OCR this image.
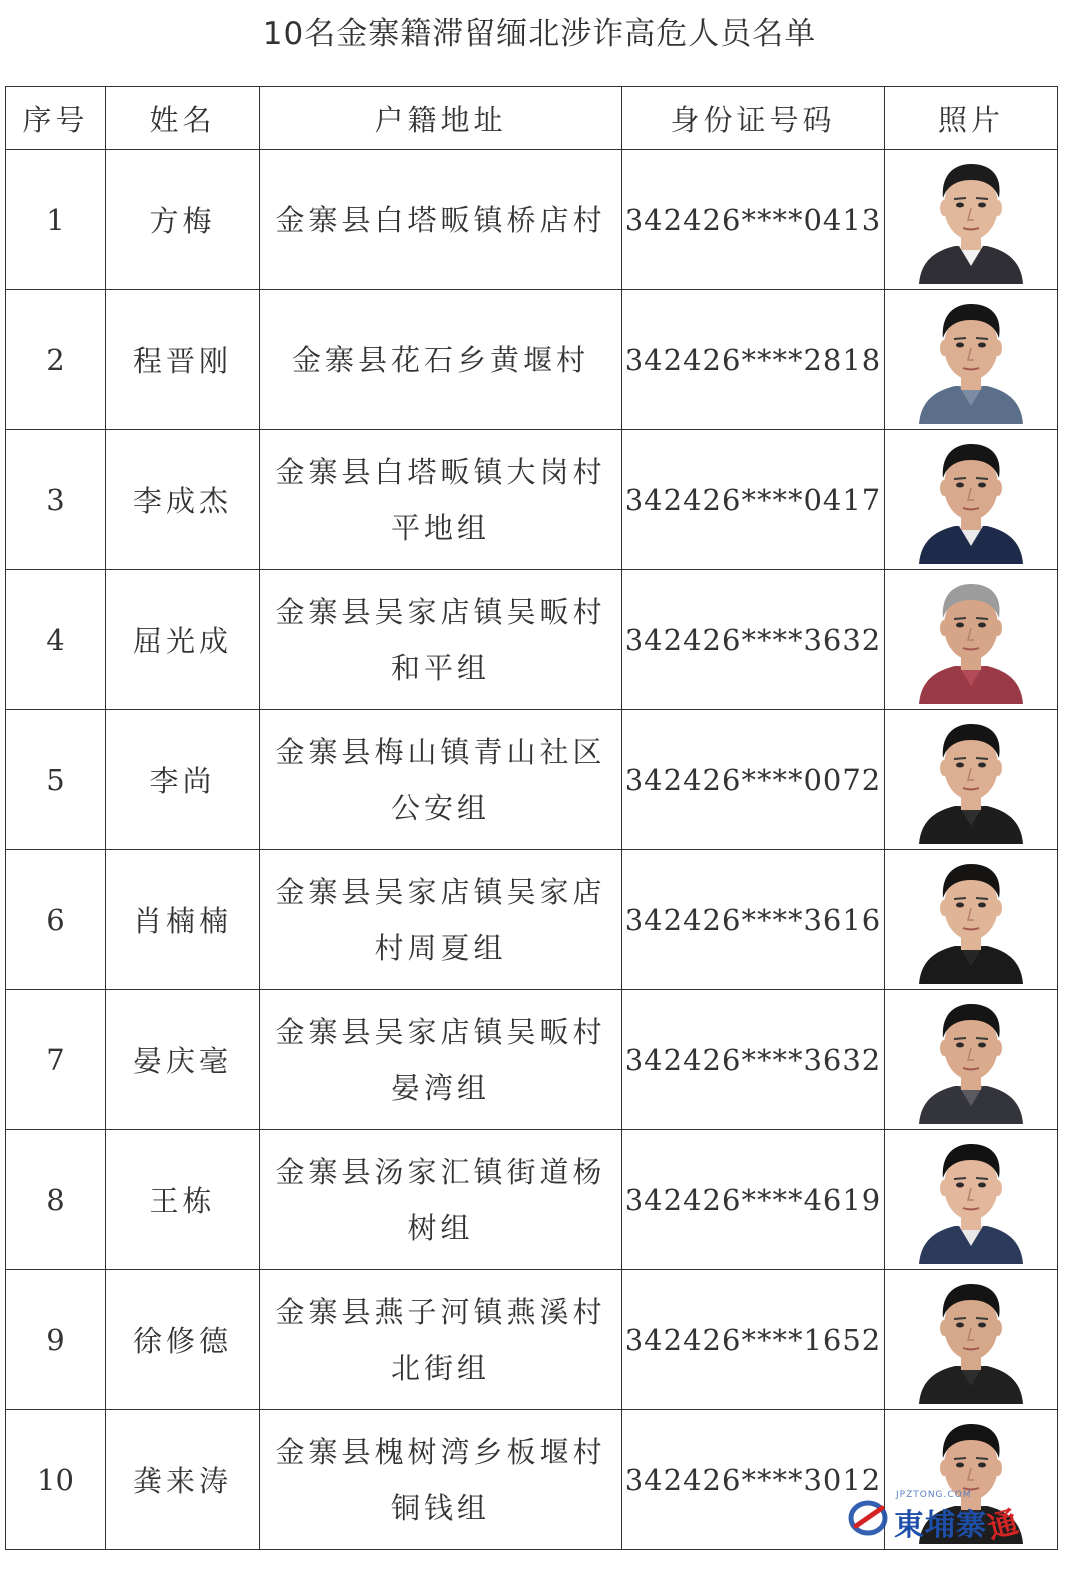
10名金寨籍滞留缅北涉诈高危人员名单
序号	姓名	户籍地址	身份证号码	照片
1	方梅	金寨县白塔畈镇桥店村	342426****0413	

2	程晋刚	金寨县花石乡黄堰村	342426****2818	

3	李成杰	金寨县白塔畈镇大岗村
平地组	342426****0417	

4	屈光成	金寨县吴家店镇吴畈村
和平组	342426****3632	

5	李尚	金寨县梅山镇青山社区
公安组	342426****0072	

6	肖楠楠	金寨县吴家店镇吴家店
村周夏组	342426****3616	

7	晏庆毫	金寨县吴家店镇吴畈村
晏湾组	342426****3632	

8	王栋	金寨县汤家汇镇街道杨
树组	342426****4619	

9	徐修德	金寨县燕子河镇燕溪村
北街组	342426****1652	

10	龚来涛	金寨县槐树湾乡板堰村
铜钱组	342426****3012	JPZTONG.COM
東埔寨通
